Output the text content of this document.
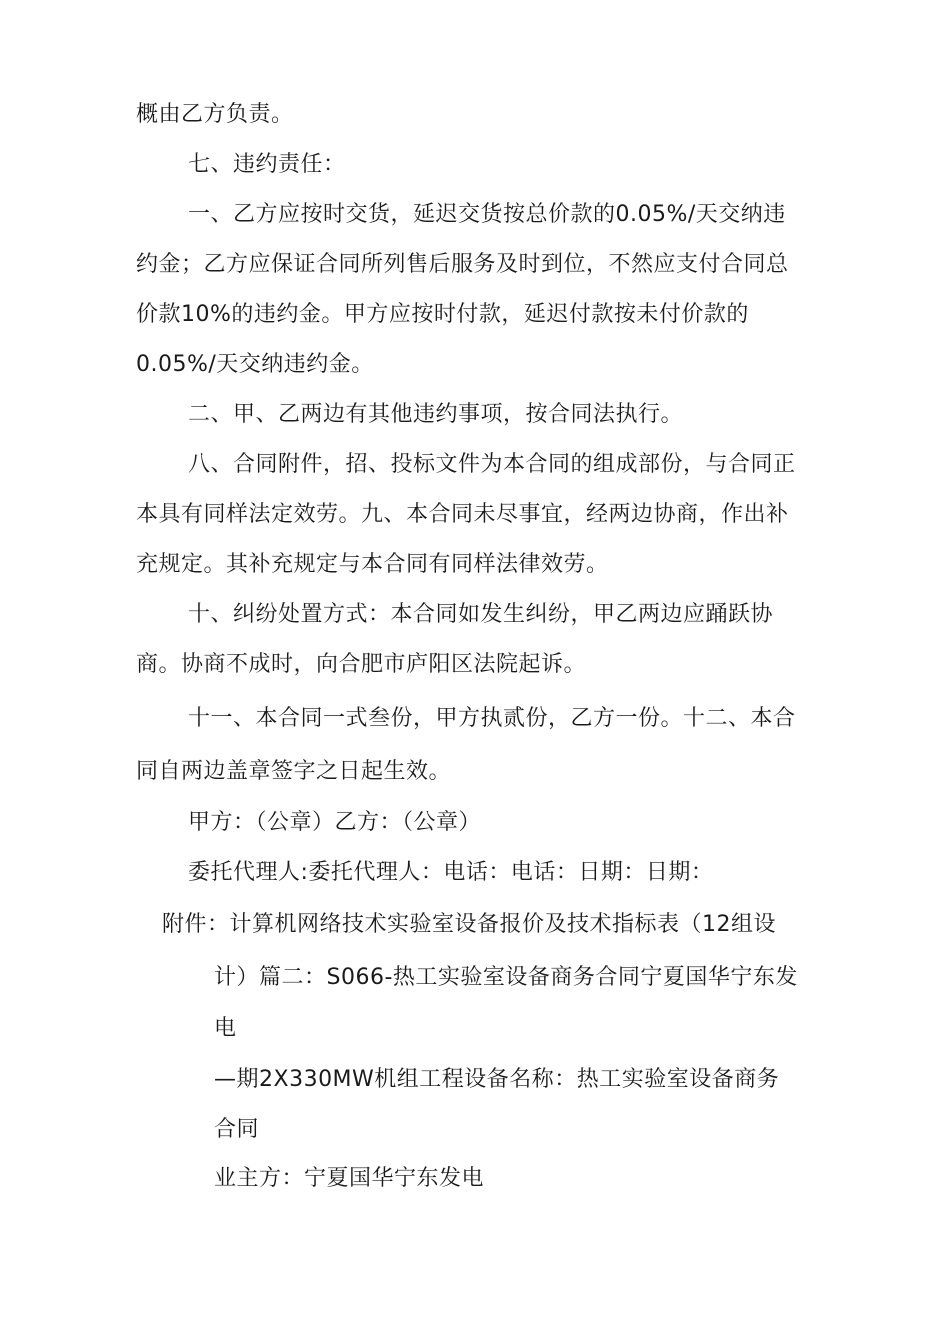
概由乙方负责。
七、违约责任：
一、乙方应按时交货，延迟交货按总价款的0.05%/天交纳违
约金；乙方应保证合同所列售后服务及时到位，不然应支付合同总
价款10%的违约金。甲方应按时付款，延迟付款按未付价款的
0.05%/天交纳违约金。
二、甲、乙两边有其他违约事项，按合同法执行。
八、合同附件，招、投标文件为本合同的组成部份，与合同正
本具有同样法定效劳。九、本合同未尽事宜，经两边协商，作出补
充规定。其补充规定与本合同有同样法律效劳。
十、纠纷处置方式：本合同如发生纠纷，甲乙两边应踊跃协
商。协商不成时，向合肥市庐阳区法院起诉。
十一、本合同一式叁份，甲方执贰份，乙方一份。十二、本合
同自两边盖章签字之日起生效。
甲方：（公章）乙方：（公章）
委托代理人:委托代理人：电话：电话：日期：日期：
附件：计算机网络技术实验室设备报价及技术指标表（12组设
计）篇二：S066-热工实验室设备商务合同宁夏国华宁东发
电
—期2X330MW机组工程设备名称：热工实验室设备商务
合同
业主方：宁夏国华宁东发电
